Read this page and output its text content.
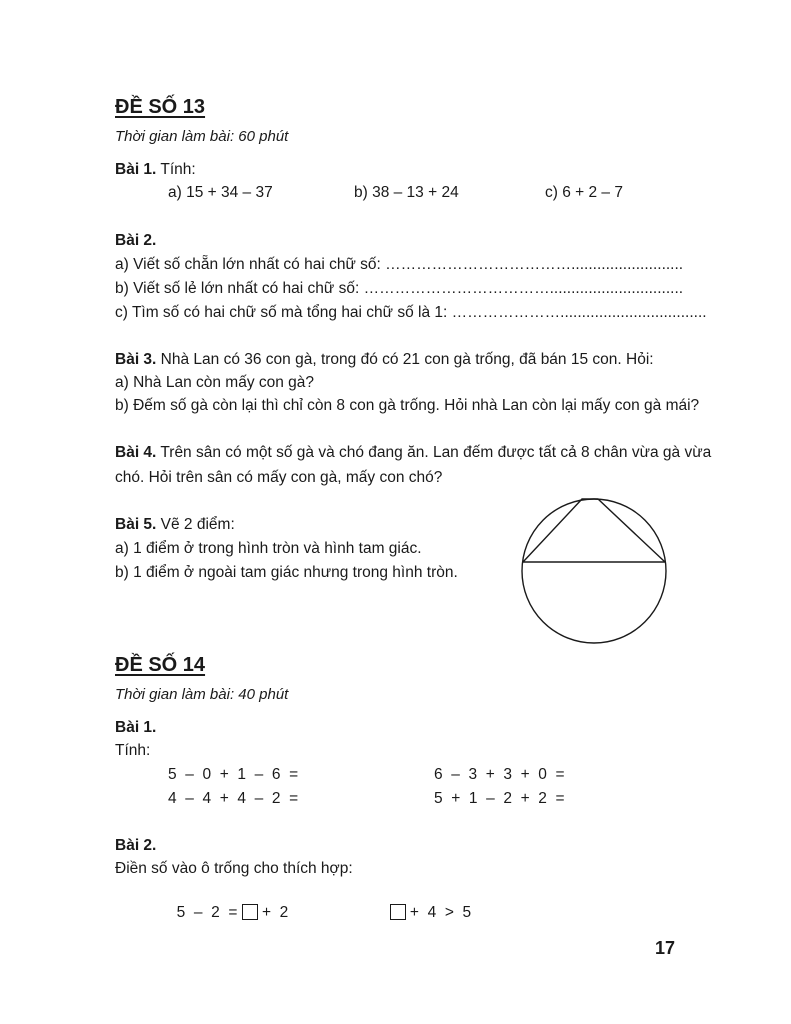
ĐỀ SỐ 13
Thời gian làm bài: 60 phút
Bài 1. Tính:
a) 15 + 34 – 37	b) 38 – 13 + 24	c) 6 + 2 – 7
Bài 2.
a) Viết số chẵn lớn nhất có hai chữ số: ………………………………..........................
b) Viết số lẻ lớn nhất có hai chữ số: ………………………………...............................
c) Tìm số có hai chữ số mà tổng hai chữ số là 1: …………………..................................
Bài 3. Nhà Lan có 36 con gà, trong đó có 21 con gà trống, đã bán 15 con. Hỏi:
a) Nhà Lan còn mấy con gà?
b) Đếm số gà còn lại thì chỉ còn 8 con gà trống. Hỏi nhà Lan còn lại mấy con gà mái?
Bài 4. Trên sân có một số gà và chó đang ăn. Lan đếm được tất cả 8 chân vừa gà vừa
chó. Hỏi trên sân có mấy con gà, mấy con chó?
Bài 5. Vẽ 2 điểm:
a) 1 điểm ở trong hình tròn và hình tam giác.
b) 1 điểm ở ngoài tam giác nhưng trong hình tròn.
ĐỀ SỐ 14
Thời gian làm bài: 40 phút
Bài 1.
Tính:
5  –  0  +  1  –  6  =
4  –  4  +  4  –  2  =
6  –  3  +  3  +  0  =
5  +  1  –  2  +  2  =
Bài 2.
Điền số vào ô trống cho thích hợp:

5  –  2  =  +  2	+  4  >  5

17
